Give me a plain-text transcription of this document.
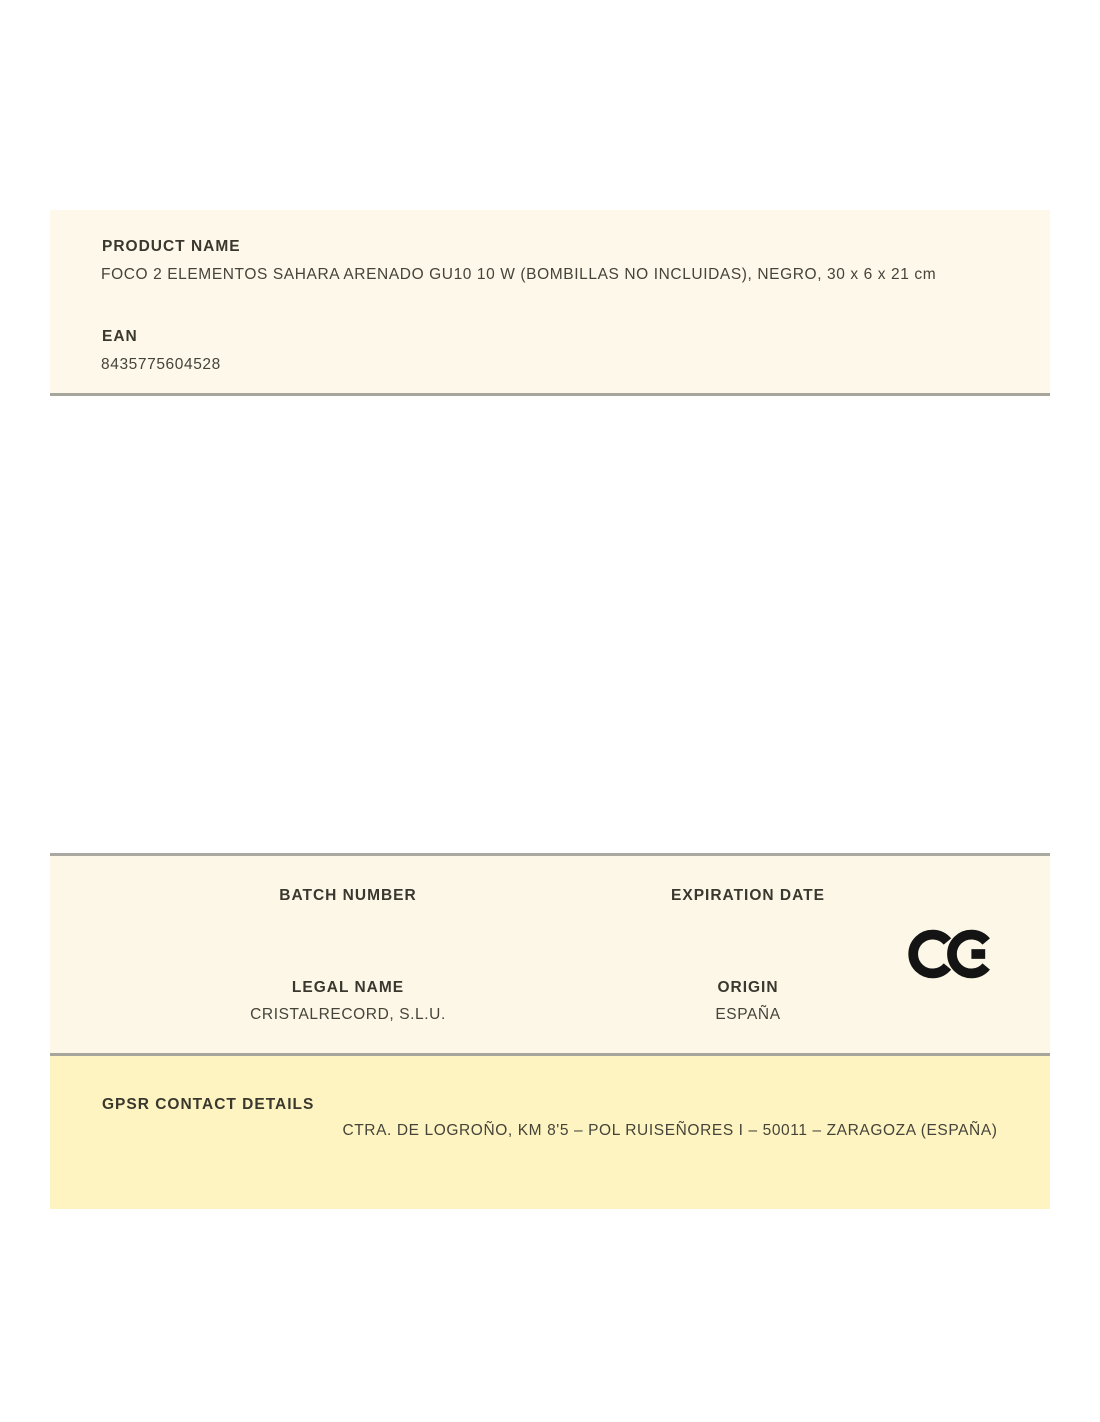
PRODUCT NAME
FOCO 2 ELEMENTOS SAHARA ARENADO GU10 10 W (BOMBILLAS NO INCLUIDAS), NEGRO, 30 x 6 x 21 cm
EAN
8435775604528
BATCH NUMBER	EXPIRATION DATE
LEGAL NAME
CRISTALRECORD, S.L.U.
ORIGIN
ESPAÑA
GPSR CONTACT DETAILS
CTRA. DE LOGROÑO, KM 8'5 – POL RUISEÑORES I – 50011 – ZARAGOZA (ESPAÑA)
